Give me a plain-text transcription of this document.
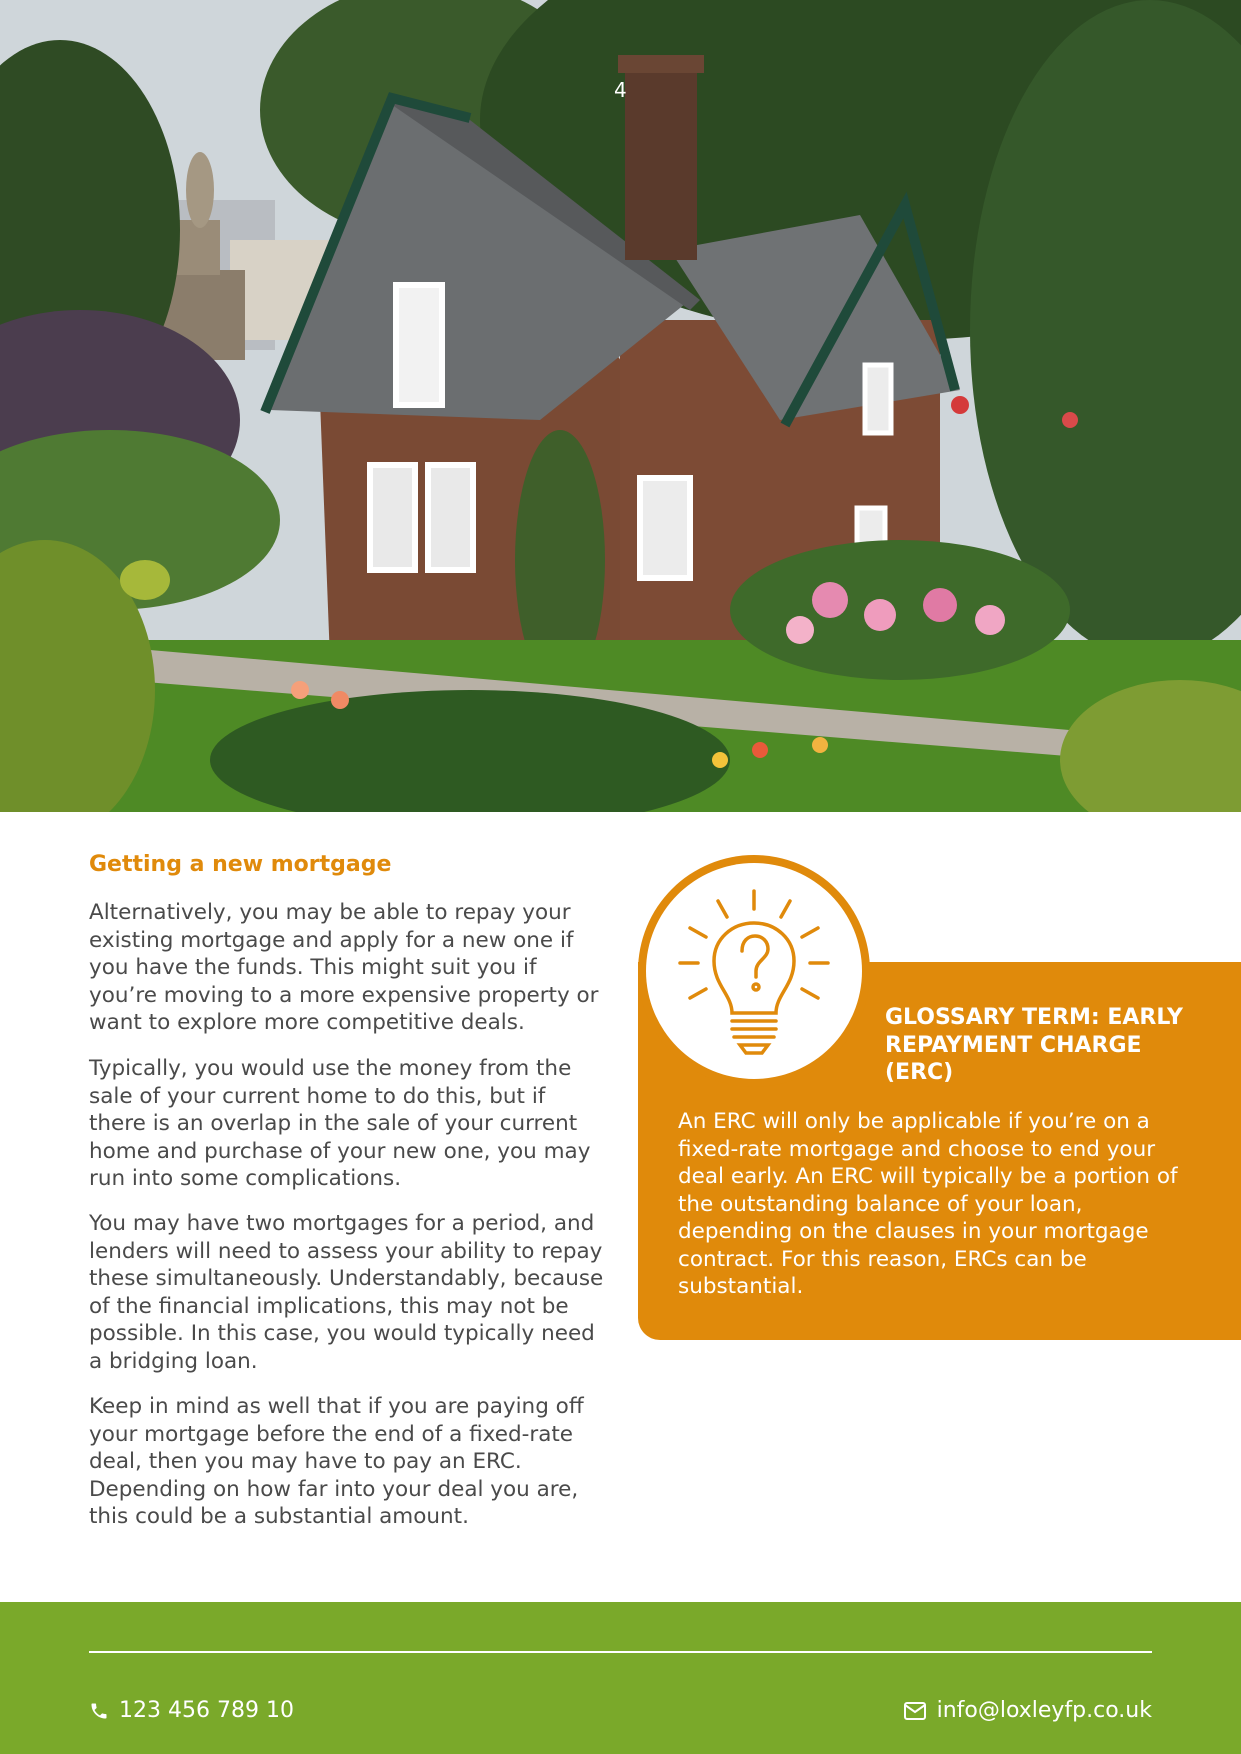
4
Getting a new mortgage

Alternatively, you may be able to repay your existing mortgage and apply for a new one if you have the funds. This might suit you if you’re moving to a more expensive property or want to explore more competitive deals.

Typically, you would use the money from the sale of your current home to do this, but if there is an overlap in the sale of your current home and purchase of your new one, you may run into some complications.

You may have two mortgages for a period, and lenders will need to assess your ability to repay these simultaneously. Understandably, because of the financial implications, this may not be possible. In this case, you would typically need a bridging loan.

Keep in mind as well that if you are paying off your mortgage before the end of a fixed-rate deal, then you may have to pay an ERC. Depending on how far into your deal you are, this could be a substantial amount.

GLOSSARY TERM: EARLY REPAYMENT CHARGE (ERC)

An ERC will only be applicable if you’re on a fixed-rate mortgage and choose to end your deal early. An ERC will typically be a portion of the outstanding balance of your loan, depending on the clauses in your mortgage contract. For this reason, ERCs can be substantial.

123 456 789 10	info@loxleyfp.co.uk
